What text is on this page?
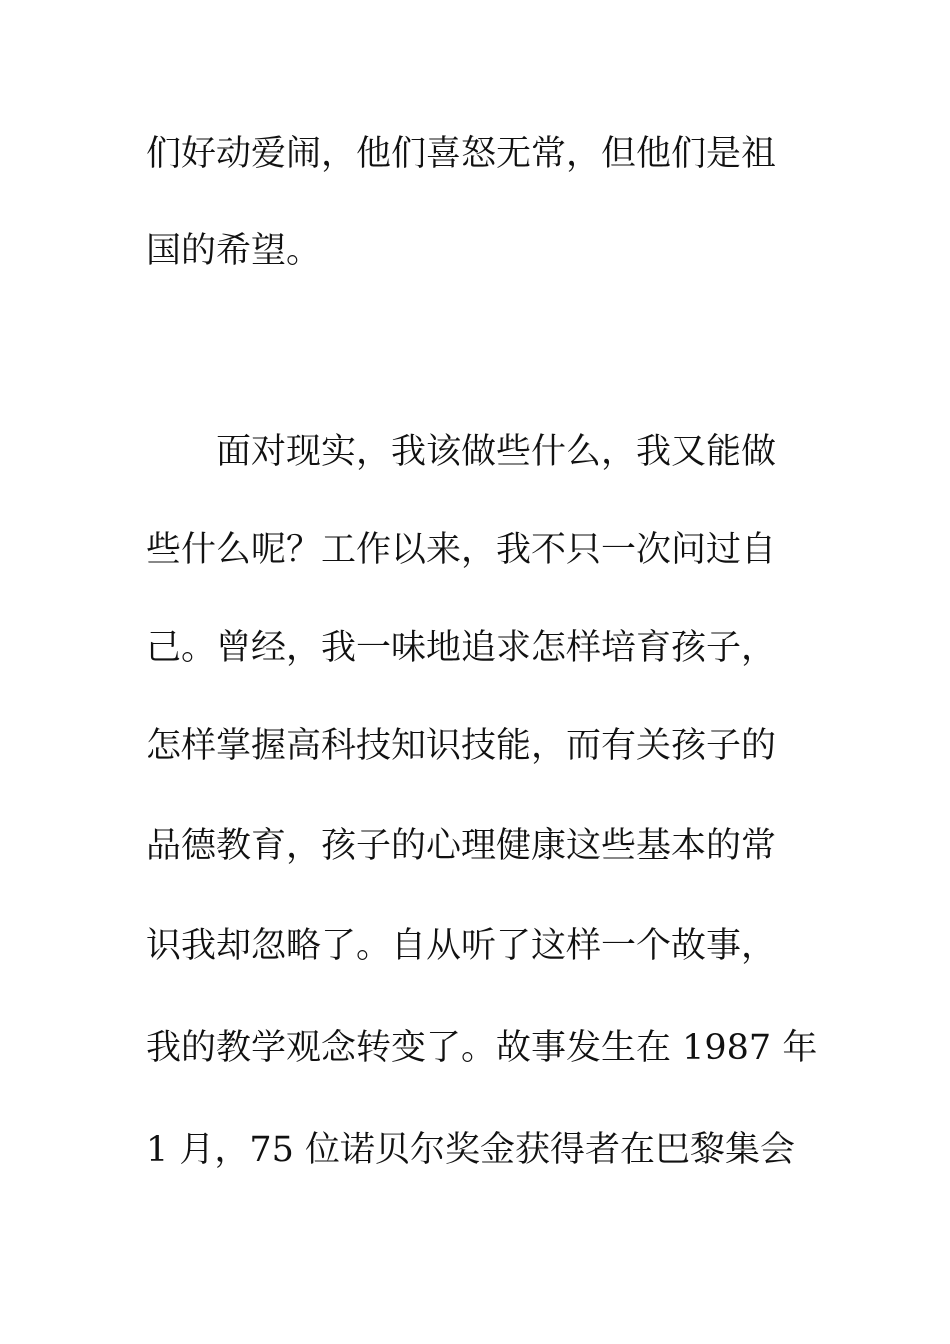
们好动爱闹，他们喜怒无常，但他们是祖
国的希望。
面对现实，我该做些什么，我又能做
些什么呢？工作以来，我不只一次问过自
己。曾经，我一味地追求怎样培育孩子，
怎样掌握高科技知识技能，而有关孩子的
品德教育，孩子的心理健康这些基本的常
识我却忽略了。自从听了这样一个故事，
我的教学观念转变了。故事发生在 1987 年
1 月，75 位诺贝尔奖金获得者在巴黎集会
